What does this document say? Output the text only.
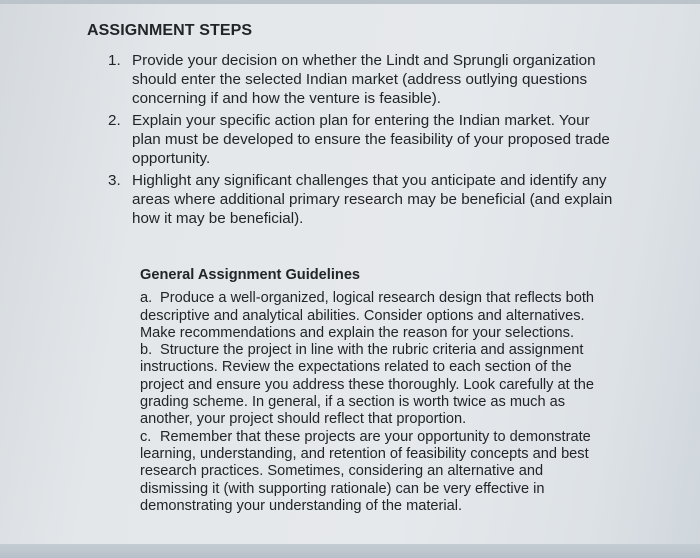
ASSIGNMENT STEPS
1. Provide your decision on whether the Lindt and Sprungli organization should enter the selected Indian market (address outlying questions concerning if and how the venture is feasible).
2. Explain your specific action plan for entering the Indian market. Your plan must be developed to ensure the feasibility of your proposed trade opportunity.
3. Highlight any significant challenges that you anticipate and identify any areas where additional primary research may be beneficial (and explain how it may be beneficial).
General Assignment Guidelines

a. Produce a well-organized, logical research design that reflects both descriptive and analytical abilities. Consider options and alternatives. Make recommendations and explain the reason for your selections.

b. Structure the project in line with the rubric criteria and assignment instructions. Review the expectations related to each section of the project and ensure you address these thoroughly. Look carefully at the grading scheme. In general, if a section is worth twice as much as another, your project should reflect that proportion.

c. Remember that these projects are your opportunity to demonstrate learning, understanding, and retention of feasibility concepts and best research practices. Sometimes, considering an alternative and dismissing it (with supporting rationale) can be very effective in demonstrating your understanding of the material.
